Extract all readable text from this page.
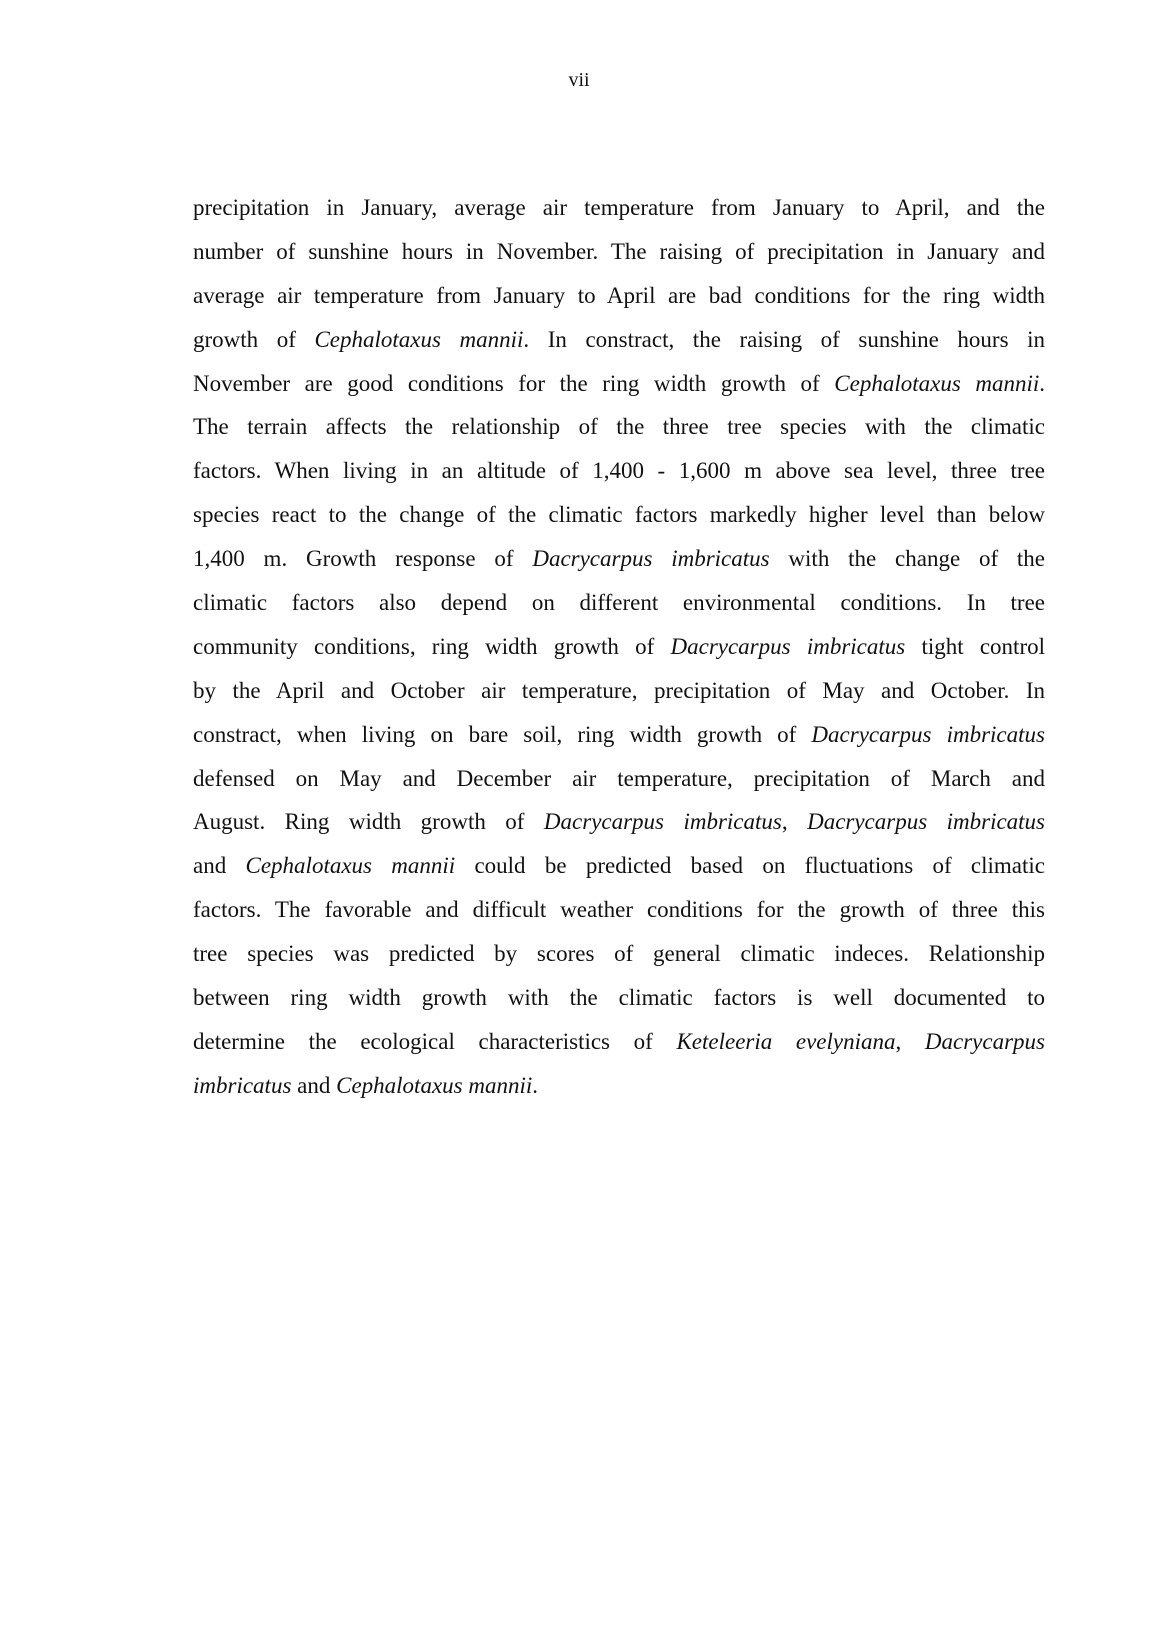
vii
precipitation in January, average air temperature from January to April, and the
number of sunshine hours in November. The raising of precipitation in January and
average air temperature from January to April are bad conditions for the ring width
growth of Cephalotaxus mannii. In constract, the raising of sunshine hours in
November are good conditions for the ring width growth of Cephalotaxus mannii.
The terrain affects the relationship of the three tree species with the climatic
factors. When living in an altitude of 1,400 - 1,600 m above sea level, three tree
species react to the change of the climatic factors markedly higher level than below
1,400 m. Growth response of Dacrycarpus imbricatus with the change of the
climatic factors also depend on different environmental conditions. In tree
community conditions, ring width growth of Dacrycarpus imbricatus tight control
by the April and October air temperature, precipitation of May and October. In
constract, when living on bare soil, ring width growth of Dacrycarpus imbricatus
defensed on May and December air temperature, precipitation of March and
August. Ring width growth of Dacrycarpus imbricatus, Dacrycarpus imbricatus
and Cephalotaxus mannii could be predicted based on fluctuations of climatic
factors. The favorable and difficult weather conditions for the growth of three this
tree species was predicted by scores of general climatic indeces. Relationship
between ring width growth with the climatic factors is well documented to
determine the ecological characteristics of Keteleeria evelyniana, Dacrycarpus
imbricatus and Cephalotaxus mannii.
